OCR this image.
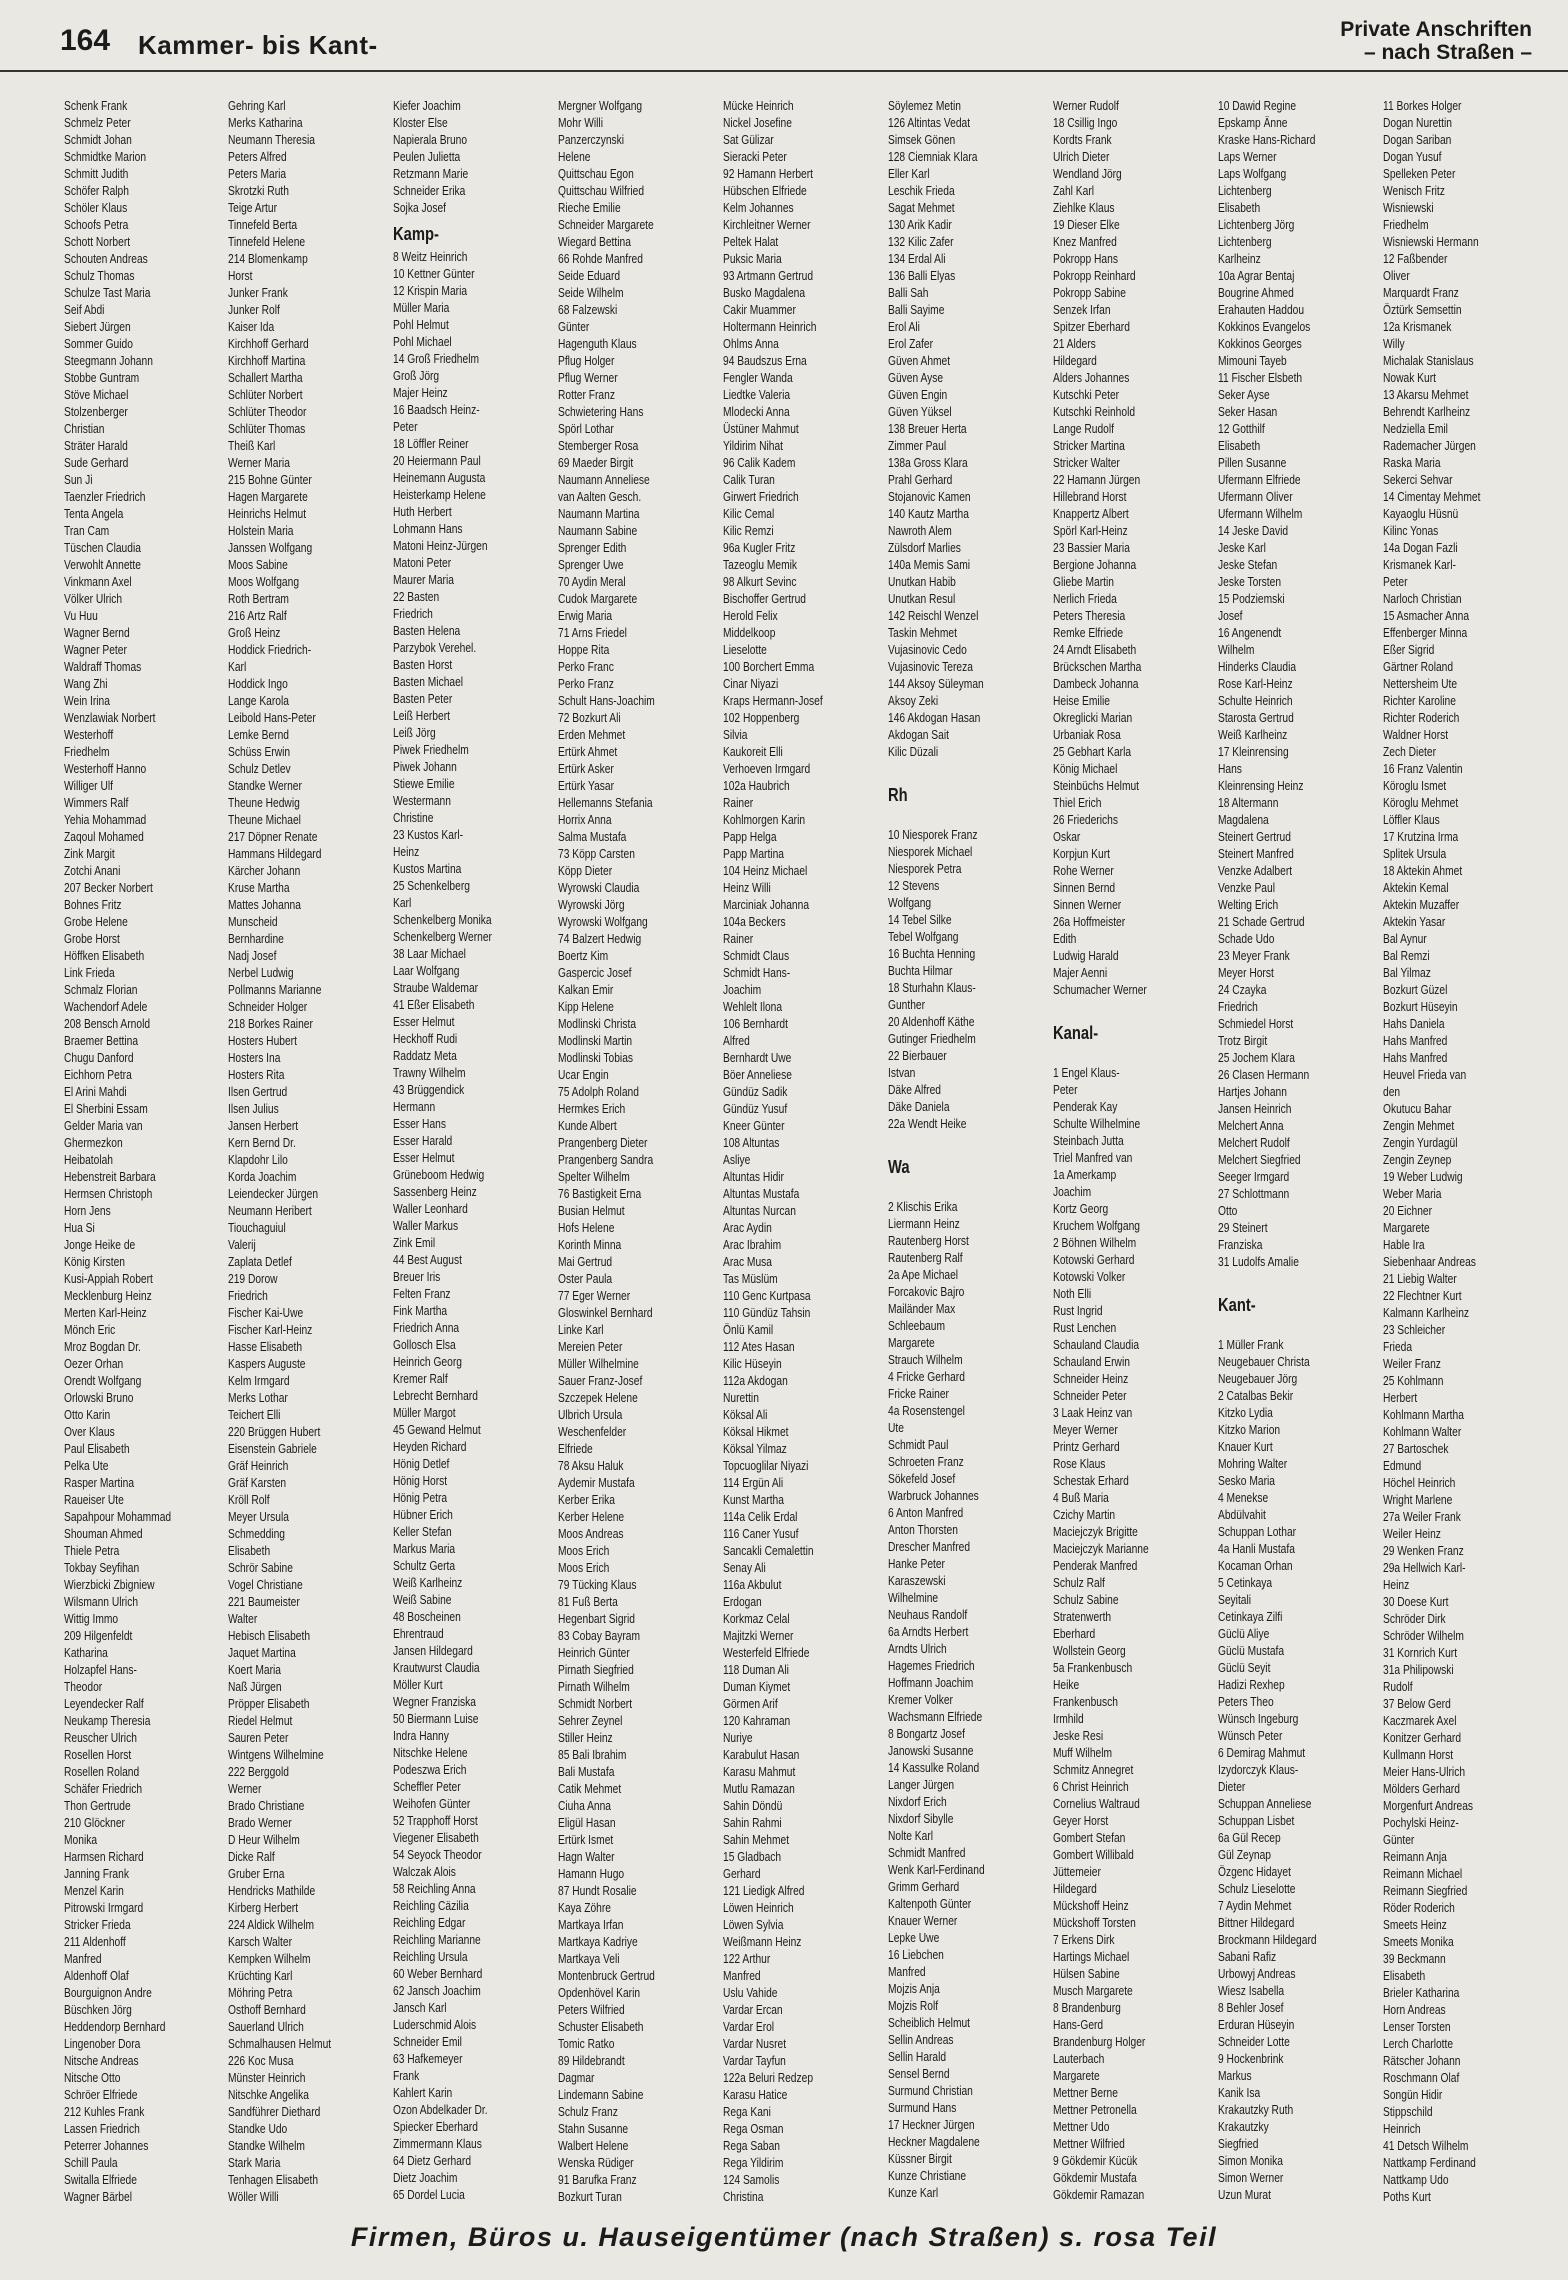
164 Kammer- bis Kant-
Private Anschriften
– nach Straßen –
Schenk Frank
Schmelz Peter
Schmidt Johan
Schmidtke Marion
Schmitt Judith
Schöfer Ralph
Schöler Klaus
Schoofs Petra
Schott Norbert
Schouten Andreas
Schulz Thomas
Schulze Tast Maria
Seif Abdi
Siebert Jürgen
Sommer Guido
Steegmann Johann
Stobbe Guntram
Stöve Michael
Stolzenberger
Christian
Sträter Harald
Sude Gerhard
Sun Ji
Taenzler Friedrich
Tenta Angela
Tran Cam
Tüschen Claudia
Verwohlt Annette
Vinkmann Axel
Völker Ulrich
Vu Huu
Wagner Bernd
Wagner Peter
Waldraff Thomas
Wang Zhi
Wein Irina
Wenzlawiak Norbert
Westerhoff
Friedhelm
Westerhoff Hanno
Williger Ulf
Wimmers Ralf
Yehia Mohammad
Zaqoul Mohamed
Zink Margit
Zotchi Anani
207 Becker Norbert
Bohnes Fritz
Grobe Helene
Grobe Horst
Höffken Elisabeth
Link Frieda
Schmalz Florian
Wachendorf Adele
208 Bensch Arnold
Braemer Bettina
Chugu Danford
Eichhorn Petra
El Arini Mahdi
El Sherbini Essam
Gelder Maria van
Ghermezkon
Heibatolah
Hebenstreit Barbara
Hermsen Christoph
Horn Jens
Hua Si
Jonge Heike de
König Kirsten
Kusi-Appiah Robert
Mecklenburg Heinz
Merten Karl-Heinz
Mönch Eric
Mroz Bogdan Dr.
Oezer Orhan
Orendt Wolfgang
Orlowski Bruno
Otto Karin
Over Klaus
Paul Elisabeth
Pelka Ute
Rasper Martina
Raueiser Ute
Sapahpour Mohammad
Shouman Ahmed
Thiele Petra
Tokbay Seyfihan
Wierzbicki Zbigniew
Wilsmann Ulrich
Wittig Immo
209 Hilgenfeldt
Katharina
Holzapfel Hans-
Theodor
Leyendecker Ralf
Neukamp Theresia
Reuscher Ulrich
Rosellen Horst
Rosellen Roland
Schäfer Friedrich
Thon Gertrude
210 Glöckner
Monika
Harmsen Richard
Janning Frank
Menzel Karin
Pitrowski Irmgard
Stricker Frieda
211 Aldenhoff
Manfred
Aldenhoff Olaf
Bourguignon Andre
Büschken Jörg
Heddendorp Bernhard
Lingenober Dora
Nitsche Andreas
Nitsche Otto
Schröer Elfriede
212 Kuhles Frank
Lassen Friedrich
Peterrer Johannes
Schill Paula
Switalla Elfriede
Wagner Bärbel
Gehring Karl
Merks Katharina
Neumann Theresia
Peters Alfred
Peters Maria
Skrotzki Ruth
Teige Artur
Tinnefeld Berta
Tinnefeld Helene
214 Blomenkamp
Horst
Junker Frank
Junker Rolf
Kaiser Ida
Kirchhoff Gerhard
Kirchhoff Martina
Schallert Martha
Schlüter Norbert
Schlüter Theodor
Schlüter Thomas
Theiß Karl
Werner Maria
215 Bohne Günter
Hagen Margarete
Heinrichs Helmut
Holstein Maria
Janssen Wolfgang
Moos Sabine
Moos Wolfgang
Roth Bertram
216 Artz Ralf
Groß Heinz
Hoddick Friedrich-
Karl
Hoddick Ingo
Lange Karola
Leibold Hans-Peter
Lemke Bernd
Schüss Erwin
Schulz Detlev
Standke Werner
Theune Hedwig
Theune Michael
217 Döpner Renate
Hammans Hildegard
Kärcher Johann
Kruse Martha
Mattes Johanna
Munscheid
Bernhardine
Nadj Josef
Nerbel Ludwig
Pollmanns Marianne
Schneider Holger
218 Borkes Rainer
Hosters Hubert
Hosters Ina
Hosters Rita
Ilsen Gertrud
Ilsen Julius
Jansen Herbert
Kern Bernd Dr.
Klapdohr Lilo
Korda Joachim
Leiendecker Jürgen
Neumann Heribert
Tiouchaguiul
Valerij
Zaplata Detlef
219 Dorow
Friedrich
Fischer Kai-Uwe
Fischer Karl-Heinz
Hasse Elisabeth
Kaspers Auguste
Kelm Irmgard
Merks Lothar
Teichert Elli
220 Brüggen Hubert
Eisenstein Gabriele
Gräf Heinrich
Gräf Karsten
Kröll Rolf
Meyer Ursula
Schmedding
Elisabeth
Schrör Sabine
Vogel Christiane
221 Baumeister
Walter
Hebisch Elisabeth
Jaquet Martina
Koert Maria
Naß Jürgen
Pröpper Elisabeth
Riedel Helmut
Sauren Peter
Wintgens Wilhelmine
222 Berggold
Werner
Brado Christiane
Brado Werner
D Heur Wilhelm
Dicke Ralf
Gruber Erna
Hendricks Mathilde
Kirberg Herbert
224 Aldick Wilhelm
Karsch Walter
Kempken Wilhelm
Krüchting Karl
Möhring Petra
Osthoff Bernhard
Sauerland Ulrich
Schmalhausen Helmut
226 Koc Musa
Münster Heinrich
Nitschke Angelika
Sandführer Diethard
Standke Udo
Standke Wilhelm
Stark Maria
Tenhagen Elisabeth
Wöller Willi
Kiefer Joachim
Kloster Else
Napierala Bruno
Peulen Julietta
Retzmann Marie
Schneider Erika
Sojka Josef
Kamp-
8 Weitz Heinrich
10 Kettner Günter
12 Krispin Maria
Müller Maria
Pohl Helmut
Pohl Michael
14 Groß Friedhelm
Groß Jörg
Majer Heinz
16 Baadsch Heinz-
Peter
18 Löffler Reiner
20 Heiermann Paul
Heinemann Augusta
Heisterkamp Helene
Huth Herbert
Lohmann Hans
Matoni Heinz-Jürgen
Matoni Peter
Maurer Maria
22 Basten
Friedrich
Basten Helena
Parzybok Verehel.
Basten Horst
Basten Michael
Basten Peter
Leiß Herbert
Leiß Jörg
Piwek Friedhelm
Piwek Johann
Stiewe Emilie
Westermann
Christine
23 Kustos Karl-
Heinz
Kustos Martina
25 Schenkelberg
Karl
Schenkelberg Monika
Schenkelberg Werner
38 Laar Michael
Laar Wolfgang
Straube Waldemar
41 Eßer Elisabeth
Esser Helmut
Heckhoff Rudi
Raddatz Meta
Trawny Wilhelm
43 Brüggendick
Hermann
Esser Hans
Esser Harald
Esser Helmut
Grüneboom Hedwig
Sassenberg Heinz
Waller Leonhard
Waller Markus
Zink Emil
44 Best August
Breuer Iris
Felten Franz
Fink Martha
Friedrich Anna
Gollosch Elsa
Heinrich Georg
Kremer Ralf
Lebrecht Bernhard
Müller Margot
45 Gewand Helmut
Heyden Richard
Hönig Detlef
Hönig Horst
Hönig Petra
Hübner Erich
Keller Stefan
Markus Maria
Schultz Gerta
Weiß Karlheinz
Weiß Sabine
48 Boscheinen
Ehrentraud
Jansen Hildegard
Krautwurst Claudia
Möller Kurt
Wegner Franziska
50 Biermann Luise
Indra Hanny
Nitschke Helene
Podeszwa Erich
Scheffler Peter
Weihofen Günter
52 Trapphoff Horst
Viegener Elisabeth
54 Seyock Theodor
Walczak Alois
58 Reichling Anna
Reichling Cäzilia
Reichling Edgar
Reichling Marianne
Reichling Ursula
60 Weber Bernhard
62 Jansch Joachim
Jansch Karl
Luderschmid Alois
Schneider Emil
63 Hafkemeyer
Frank
Kahlert Karin
Ozon Abdelkader Dr.
Spiecker Eberhard
Zimmermann Klaus
64 Dietz Gerhard
Dietz Joachim
65 Dordel Lucia
Mergner Wolfgang
Mohr Willi
Panzerczynski
Helene
Quittschau Egon
Quittschau Wilfried
Rieche Emilie
Schneider Margarete
Wiegard Bettina
66 Rohde Manfred
Seide Eduard
Seide Wilhelm
68 Falzewski
Günter
Hagenguth Klaus
Pflug Holger
Pflug Werner
Rotter Franz
Schwietering Hans
Spörl Lothar
Stemberger Rosa
69 Maeder Birgit
Naumann Anneliese
van Aalten Gesch.
Naumann Martina
Naumann Sabine
Sprenger Edith
Sprenger Uwe
70 Aydin Meral
Cudok Margarete
Erwig Maria
71 Arns Friedel
Hoppe Rita
Perko Franc
Perko Franz
Schult Hans-Joachim
72 Bozkurt Ali
Erden Mehmet
Ertürk Ahmet
Ertürk Asker
Ertürk Yasar
Hellemanns Stefania
Horrix Anna
Salma Mustafa
73 Köpp Carsten
Köpp Dieter
Wyrowski Claudia
Wyrowski Jörg
Wyrowski Wolfgang
74 Balzert Hedwig
Boertz Kim
Gaspercic Josef
Kalkan Emir
Kipp Helene
Modlinski Christa
Modlinski Martin
Modlinski Tobias
Ucar Engin
75 Adolph Roland
Hermkes Erich
Kunde Albert
Prangenberg Dieter
Prangenberg Sandra
Spelter Wilhelm
76 Bastigkeit Erna
Busian Helmut
Hofs Helene
Korinth Minna
Mai Gertrud
Oster Paula
77 Eger Werner
Gloswinkel Bernhard
Linke Karl
Mereien Peter
Müller Wilhelmine
Sauer Franz-Josef
Szczepek Helene
Ulbrich Ursula
Weschenfelder
Elfriede
78 Aksu Haluk
Aydemir Mustafa
Kerber Erika
Kerber Helene
Moos Andreas
Moos Erich
Moos Erich
79 Tücking Klaus
81 Fuß Berta
Hegenbart Sigrid
83 Cobay Bayram
Heinrich Günter
Pirnath Siegfried
Pirnath Wilhelm
Schmidt Norbert
Sehrer Zeynel
Stiller Heinz
85 Bali Ibrahim
Bali Mustafa
Catik Mehmet
Ciuha Anna
Eligül Hasan
Ertürk Ismet
Hagn Walter
Hamann Hugo
87 Hundt Rosalie
Kaya Zöhre
Martkaya Irfan
Martkaya Kadriye
Martkaya Veli
Montenbruck Gertrud
Opdenhövel Karin
Peters Wilfried
Schuster Elisabeth
Tomic Ratko
89 Hildebrandt
Dagmar
Lindemann Sabine
Schulz Franz
Stahn Susanne
Walbert Helene
Wenska Rüdiger
91 Barufka Franz
Bozkurt Turan
Mücke Heinrich
Nickel Josefine
Sat Gülizar
Sieracki Peter
92 Hamann Herbert
Hübschen Elfriede
Kelm Johannes
Kirchleitner Werner
Peltek Halat
Puksic Maria
93 Artmann Gertrud
Busko Magdalena
Cakir Muammer
Holtermann Heinrich
Ohlms Anna
94 Baudszus Erna
Fengler Wanda
Liedtke Valeria
Mlodecki Anna
Üstüner Mahmut
Yildirim Nihat
96 Calik Kadem
Calik Turan
Girwert Friedrich
Kilic Cemal
Kilic Remzi
96a Kugler Fritz
Tazeoglu Memik
98 Alkurt Sevinc
Bischoffer Gertrud
Herold Felix
Middelkoop
Lieselotte
100 Borchert Emma
Cinar Niyazi
Kraps Hermann-Josef
102 Hoppenberg
Silvia
Kaukoreit Elli
Verhoeven Irmgard
102a Haubrich
Rainer
Kohlmorgen Karin
Papp Helga
Papp Martina
104 Heinz Michael
Heinz Willi
Marciniak Johanna
104a Beckers
Rainer
Schmidt Claus
Schmidt Hans-
Joachim
Wehlelt Ilona
106 Bernhardt
Alfred
Bernhardt Uwe
Böer Anneliese
Gündüz Sadik
Gündüz Yusuf
Kneer Günter
108 Altuntas
Asliye
Altuntas Hidir
Altuntas Mustafa
Altuntas Nurcan
Arac Aydin
Arac Ibrahim
Arac Musa
Tas Müslüm
110 Genc Kurtpasa
110 Gündüz Tahsin
Önlü Kamil
112 Ates Hasan
Kilic Hüseyin
112a Akdogan
Nurettin
Köksal Ali
Köksal Hikmet
Köksal Yilmaz
Topcuoglilar Niyazi
114 Ergün Ali
Kunst Martha
114a Celik Erdal
116 Caner Yusuf
Sancakli Cemalettin
Senay Ali
116a Akbulut
Erdogan
Korkmaz Celal
Majitzki Werner
Westerfeld Elfriede
118 Duman Ali
Duman Kiymet
Görmen Arif
120 Kahraman
Nuriye
Karabulut Hasan
Karasu Mahmut
Mutlu Ramazan
Sahin Döndü
Sahin Rahmi
Sahin Mehmet
15 Gladbach
Gerhard
121 Liedigk Alfred
Löwen Heinrich
Löwen Sylvia
Weißmann Heinz
122 Arthur
Manfred
Uslu Vahide
Vardar Ercan
Vardar Erol
Vardar Nusret
Vardar Tayfun
122a Beluri Redzep
Karasu Hatice
Rega Kani
Rega Osman
Rega Saban
Rega Yildirim
124 Samolis
Christina
Söylemez Metin
126 Altintas Vedat
Simsek Gönen
128 Ciemniak Klara
Eller Karl
Leschik Frieda
Sagat Mehmet
130 Arik Kadir
132 Kilic Zafer
134 Erdal Ali
136 Balli Elyas
Balli Sah
Balli Sayime
Erol Ali
Erol Zafer
Güven Ahmet
Güven Ayse
Güven Engin
Güven Yüksel
138 Breuer Herta
Zimmer Paul
138a Gross Klara
Prahl Gerhard
Stojanovic Kamen
140 Kautz Martha
Nawroth Alem
Zülsdorf Marlies
140a Memis Sami
Unutkan Habib
Unutkan Resul
142 Reischl Wenzel
Taskin Mehmet
Vujasinovic Cedo
Vujasinovic Tereza
144 Aksoy Süleyman
Aksoy Zeki
146 Akdogan Hasan
Akdogan Sait
Kilic Düzali

Rh

10 Niesporek Franz
Niesporek Michael
Niesporek Petra
12 Stevens
Wolfgang
14 Tebel Silke
Tebel Wolfgang
16 Buchta Henning
Buchta Hilmar
18 Sturhahn Klaus-
Gunther
20 Aldenhoff Käthe
Gutinger Friedhelm
22 Bierbauer
Istvan
Däke Alfred
Däke Daniela
22a Wendt Heike

Wa

2 Klischis Erika
Liermann Heinz
Rautenberg Horst
Rautenberg Ralf
2a Ape Michael
Forcakovic Bajro
Mailänder Max
Schleebaum
Margarete
Strauch Wilhelm
4 Fricke Gerhard
Fricke Rainer
4a Rosenstengel
Ute
Schmidt Paul
Schroeten Franz
Sökefeld Josef
Warbruck Johannes
6 Anton Manfred
Anton Thorsten
Drescher Manfred
Hanke Peter
Karaszewski
Wilhelmine
Neuhaus Randolf
6a Arndts Herbert
Arndts Ulrich
Hagemes Friedrich
Hoffmann Joachim
Kremer Volker
Wachsmann Elfriede
8 Bongartz Josef
Janowski Susanne
14 Kassulke Roland
Langer Jürgen
Nixdorf Erich
Nixdorf Sibylle
Nolte Karl
Schmidt Manfred
Wenk Karl-Ferdinand
Grimm Gerhard
Kaltenpoth Günter
Knauer Werner
Lepke Uwe
16 Liebchen
Manfred
Mojzis Anja
Mojzis Rolf
Scheiblich Helmut
Sellin Andreas
Sellin Harald
Sensel Bernd
Surmund Christian
Surmund Hans
17 Heckner Jürgen
Heckner Magdalene
Küssner Birgit
Kunze Christiane
Kunze Karl
Werner Rudolf
18 Csillig Ingo
Kordts Frank
Ulrich Dieter
Wendland Jörg
Zahl Karl
Ziehlke Klaus
19 Dieser Elke
Knez Manfred
Pokropp Hans
Pokropp Reinhard
Pokropp Sabine
Senzek Irfan
Spitzer Eberhard
21 Alders
Hildegard
Alders Johannes
Kutschki Peter
Kutschki Reinhold
Lange Rudolf
Stricker Martina
Stricker Walter
22 Hamann Jürgen
Hillebrand Horst
Knappertz Albert
Spörl Karl-Heinz
23 Bassier Maria
Bergione Johanna
Gliebe Martin
Nerlich Frieda
Peters Theresia
Remke Elfriede
24 Arndt Elisabeth
Brückschen Martha
Dambeck Johanna
Heise Emilie
Okreglicki Marian
Urbaniak Rosa
25 Gebhart Karla
König Michael
Steinbüchs Helmut
Thiel Erich
26 Friederichs
Oskar
Korpjun Kurt
Rohe Werner
Sinnen Bernd
Sinnen Werner
26a Hoffmeister
Edith
Ludwig Harald
Majer Aenni
Schumacher Werner

Kanal-

1 Engel Klaus-
Peter
Penderak Kay
Schulte Wilhelmine
Steinbach Jutta
Triel Manfred van
1a Amerkamp
Joachim
Kortz Georg
Kruchem Wolfgang
2 Böhnen Wilhelm
Kotowski Gerhard
Kotowski Volker
Noth Elli
Rust Ingrid
Rust Lenchen
Schauland Claudia
Schauland Erwin
Schneider Heinz
Schneider Peter
3 Laak Heinz van
Meyer Werner
Printz Gerhard
Rose Klaus
Schestak Erhard
4 Buß Maria
Czichy Martin
Maciejczyk Brigitte
Maciejczyk Marianne
Penderak Manfred
Schulz Ralf
Schulz Sabine
Stratenwerth
Eberhard
Wollstein Georg
5a Frankenbusch
Heike
Frankenbusch
Irmhild
Jeske Resi
Muff Wilhelm
Schmitz Annegret
6 Christ Heinrich
Cornelius Waltraud
Geyer Horst
Gombert Stefan
Gombert Willibald
Jüttemeier
Hildegard
Mückshoff Heinz
Mückshoff Torsten
7 Erkens Dirk
Hartings Michael
Hülsen Sabine
Musch Margarete
8 Brandenburg
Hans-Gerd
Brandenburg Holger
Lauterbach
Margarete
Mettner Berne
Mettner Petronella
Mettner Udo
Mettner Wilfried
9 Gökdemir Kücük
Gökdemir Mustafa
Gökdemir Ramazan
10 Dawid Regine
Epskamp Änne
Kraske Hans-Richard
Laps Werner
Laps Wolfgang
Lichtenberg
Elisabeth
Lichtenberg Jörg
Lichtenberg
Karlheinz
10a Agrar Bentaj
Bougrine Ahmed
Erahauten Haddou
Kokkinos Evangelos
Kokkinos Georges
Mimouni Tayeb
11 Fischer Elsbeth
Seker Ayse
Seker Hasan
12 Gotthilf
Elisabeth
Pillen Susanne
Ufermann Elfriede
Ufermann Oliver
Ufermann Wilhelm
14 Jeske David
Jeske Karl
Jeske Stefan
Jeske Torsten
15 Podziemski
Josef
16 Angenendt
Wilhelm
Hinderks Claudia
Rose Karl-Heinz
Schulte Heinrich
Starosta Gertrud
Weiß Karlheinz
17 Kleinrensing
Hans
Kleinrensing Heinz
18 Altermann
Magdalena
Steinert Gertrud
Steinert Manfred
Venzke Adalbert
Venzke Paul
Welting Erich
21 Schade Gertrud
Schade Udo
23 Meyer Frank
Meyer Horst
24 Czayka
Friedrich
Schmiedel Horst
Trotz Birgit
25 Jochem Klara
26 Clasen Hermann
Hartjes Johann
Jansen Heinrich
Melchert Anna
Melchert Rudolf
Melchert Siegfried
Seeger Irmgard
27 Schlottmann
Otto
29 Steinert
Franziska
31 Ludolfs Amalie

Kant-

1 Müller Frank
Neugebauer Christa
Neugebauer Jörg
2 Catalbas Bekir
Kitzko Lydia
Kitzko Marion
Knauer Kurt
Mohring Walter
Sesko Maria
4 Menekse
Abdülvahit
Schuppan Lothar
4a Hanli Mustafa
Kocaman Orhan
5 Cetinkaya
Seyitali
Cetinkaya Zilfi
Güclü Aliye
Güclü Mustafa
Güclü Seyit
Hadizi Rexhep
Peters Theo
Wünsch Ingeburg
Wünsch Peter
6 Demirag Mahmut
Izydorczyk Klaus-
Dieter
Schuppan Anneliese
Schuppan Lisbet
6a Gül Recep
Gül Zeynap
Özgenc Hidayet
Schulz Lieselotte
7 Aydin Mehmet
Bittner Hildegard
Brockmann Hildegard
Sabani Rafiz
Urbowyj Andreas
Wiesz Isabella
8 Behler Josef
Erduran Hüseyin
Schneider Lotte
9 Hockenbrink
Markus
Kanik Isa
Krakautzky Ruth
Krakautzky
Siegfried
Simon Monika
Simon Werner
Uzun Murat
11 Borkes Holger
Dogan Nurettin
Dogan Sariban
Dogan Yusuf
Spelleken Peter
Wenisch Fritz
Wisniewski
Friedhelm
Wisniewski Hermann
12 Faßbender
Oliver
Marquardt Franz
Öztürk Semsettin
12a Krismanek
Willy
Michalak Stanislaus
Nowak Kurt
13 Akarsu Mehmet
Behrendt Karlheinz
Nedziella Emil
Rademacher Jürgen
Raska Maria
Sekerci Sehvar
14 Cimentay Mehmet
Kayaoglu Hüsnü
Kilinc Yonas
14a Dogan Fazli
Krismanek Karl-
Peter
Narloch Christian
15 Asmacher Anna
Effenberger Minna
Eßer Sigrid
Gärtner Roland
Nettersheim Ute
Richter Karoline
Richter Roderich
Waldner Horst
Zech Dieter
16 Franz Valentin
Köroglu Ismet
Köroglu Mehmet
Löffler Klaus
17 Krutzina Irma
Splitek Ursula
18 Aktekin Ahmet
Aktekin Kemal
Aktekin Muzaffer
Aktekin Yasar
Bal Aynur
Bal Remzi
Bal Yilmaz
Bozkurt Güzel
Bozkurt Hüseyin
Hahs Daniela
Hahs Manfred
Hahs Manfred
Heuvel Frieda van
den
Okutucu Bahar
Zengin Mehmet
Zengin Yurdagül
Zengin Zeynep
19 Weber Ludwig
Weber Maria
20 Eichner
Margarete
Hable Ira
Siebenhaar Andreas
21 Liebig Walter
22 Flechtner Kurt
Kalmann Karlheinz
23 Schleicher
Frieda
Weiler Franz
25 Kohlmann
Herbert
Kohlmann Martha
Kohlmann Walter
27 Bartoschek
Edmund
Höchel Heinrich
Wright Marlene
27a Weiler Frank
Weiler Heinz
29 Wenken Franz
29a Hellwich Karl-
Heinz
30 Doese Kurt
Schröder Dirk
Schröder Wilhelm
31 Kornrich Kurt
31a Philipowski
Rudolf
37 Below Gerd
Kaczmarek Axel
Konitzer Gerhard
Kullmann Horst
Meier Hans-Ulrich
Mölders Gerhard
Morgenfurt Andreas
Pochylski Heinz-
Günter
Reimann Anja
Reimann Michael
Reimann Siegfried
Röder Roderich
Smeets Heinz
Smeets Monika
39 Beckmann
Elisabeth
Brieler Katharina
Horn Andreas
Lenser Torsten
Lerch Charlotte
Rätscher Johann
Roschmann Olaf
Songün Hidir
Stippschild
Heinrich
41 Detsch Wilhelm
Nattkamp Ferdinand
Nattkamp Udo
Poths Kurt
Firmen, Büros u. Hauseigentümer (nach Straßen) s. rosa Teil
